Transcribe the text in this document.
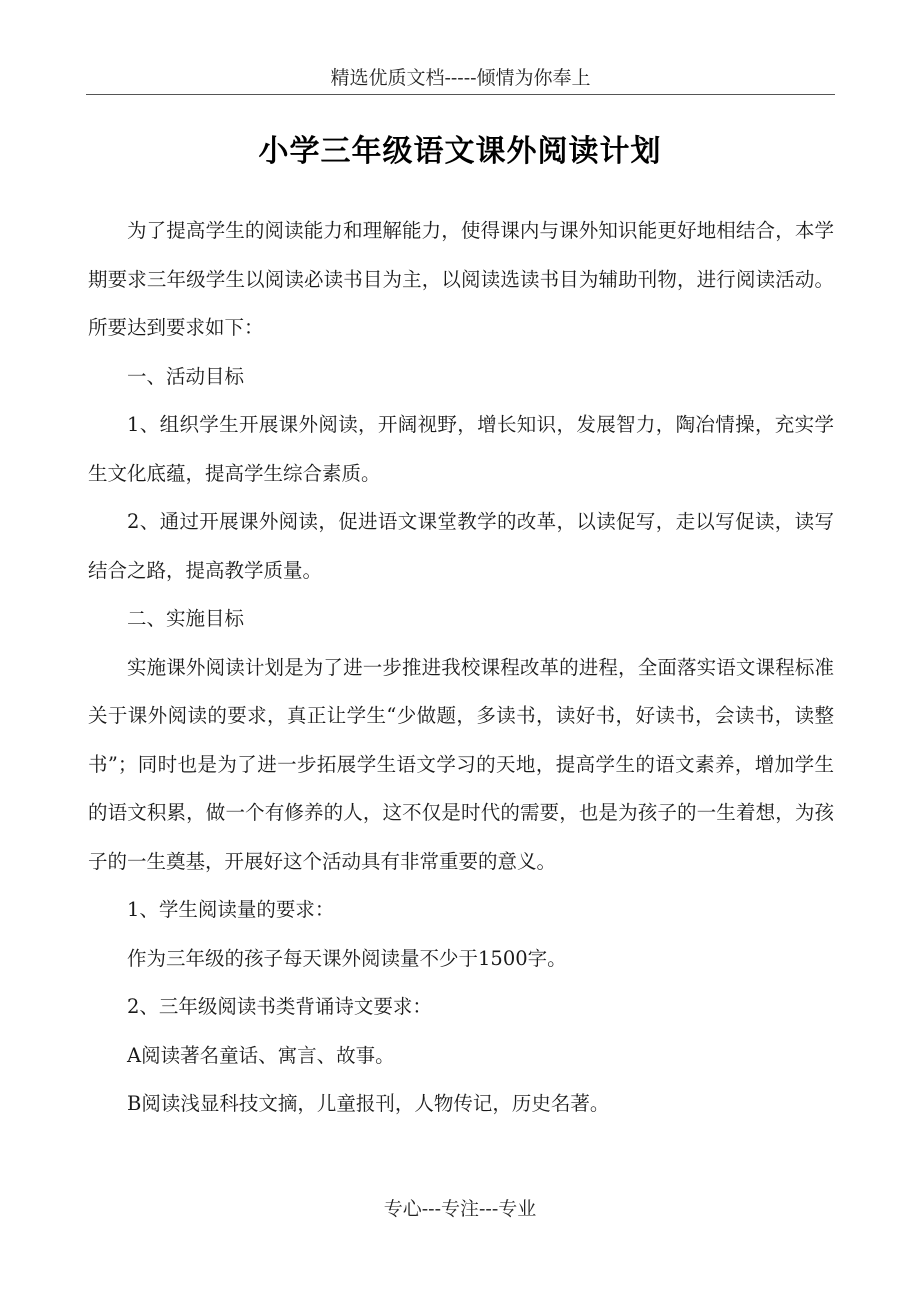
精选优质文档-----倾情为你奉上
小学三年级语文课外阅读计划

为了提高学生的阅读能力和理解能力，使得课内与课外知识能更好地相结合，本学期要求三年级学生以阅读必读书目为主，以阅读选读书目为辅助刊物，进行阅读活动。所要达到要求如下：

一、活动目标

1、组织学生开展课外阅读，开阔视野，增长知识，发展智力，陶冶情操，充实学生文化底蕴，提高学生综合素质。

2、通过开展课外阅读，促进语文课堂教学的改革，以读促写，走以写促读，读写结合之路，提高教学质量。

二、实施目标

实施课外阅读计划是为了进一步推进我校课程改革的进程，全面落实语文课程标准关于课外阅读的要求，真正让学生“少做题，多读书，读好书，好读书，会读书，读整书”；同时也是为了进一步拓展学生语文学习的天地，提高学生的语文素养，增加学生的语文积累，做一个有修养的人，这不仅是时代的需要，也是为孩子的一生着想，为孩子的一生奠基，开展好这个活动具有非常重要的意义。

1、学生阅读量的要求：

作为三年级的孩子每天课外阅读量不少于1500字。

2、三年级阅读书类背诵诗文要求：

A阅读著名童话、寓言、故事。

B阅读浅显科技文摘，儿童报刊，人物传记，历史名著。

专心---专注---专业
